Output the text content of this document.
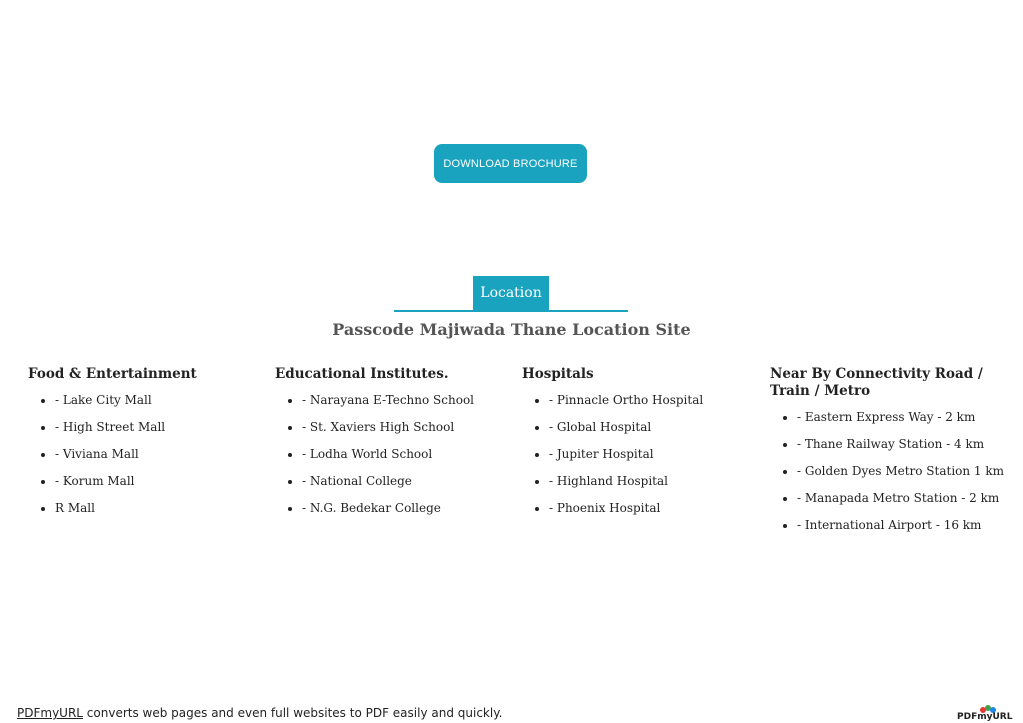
DOWNLOAD BROCHURE
Location
Passcode Majiwada Thane Location Site
Food & Entertainment
• - Lake City Mall
• - High Street Mall
• - Viviana Mall
• - Korum Mall
• R Mall
Educational Institutes.
• - Narayana E-Techno School
• - St. Xaviers High School
• - Lodha World School
• - National College
• - N.G. Bedekar College
Hospitals
• - Pinnacle Ortho Hospital
• - Global Hospital
• - Jupiter Hospital
• - Highland Hospital
• - Phoenix Hospital
Near By Connectivity Road / Train / Metro
• - Eastern Express Way - 2 km
• - Thane Railway Station - 4 km
• - Golden Dyes Metro Station 1 km
• - Manapada Metro Station - 2 km
• - International Airport - 16 km
PDFmyURL converts web pages and even full websites to PDF easily and quickly.	PDFmyURL
